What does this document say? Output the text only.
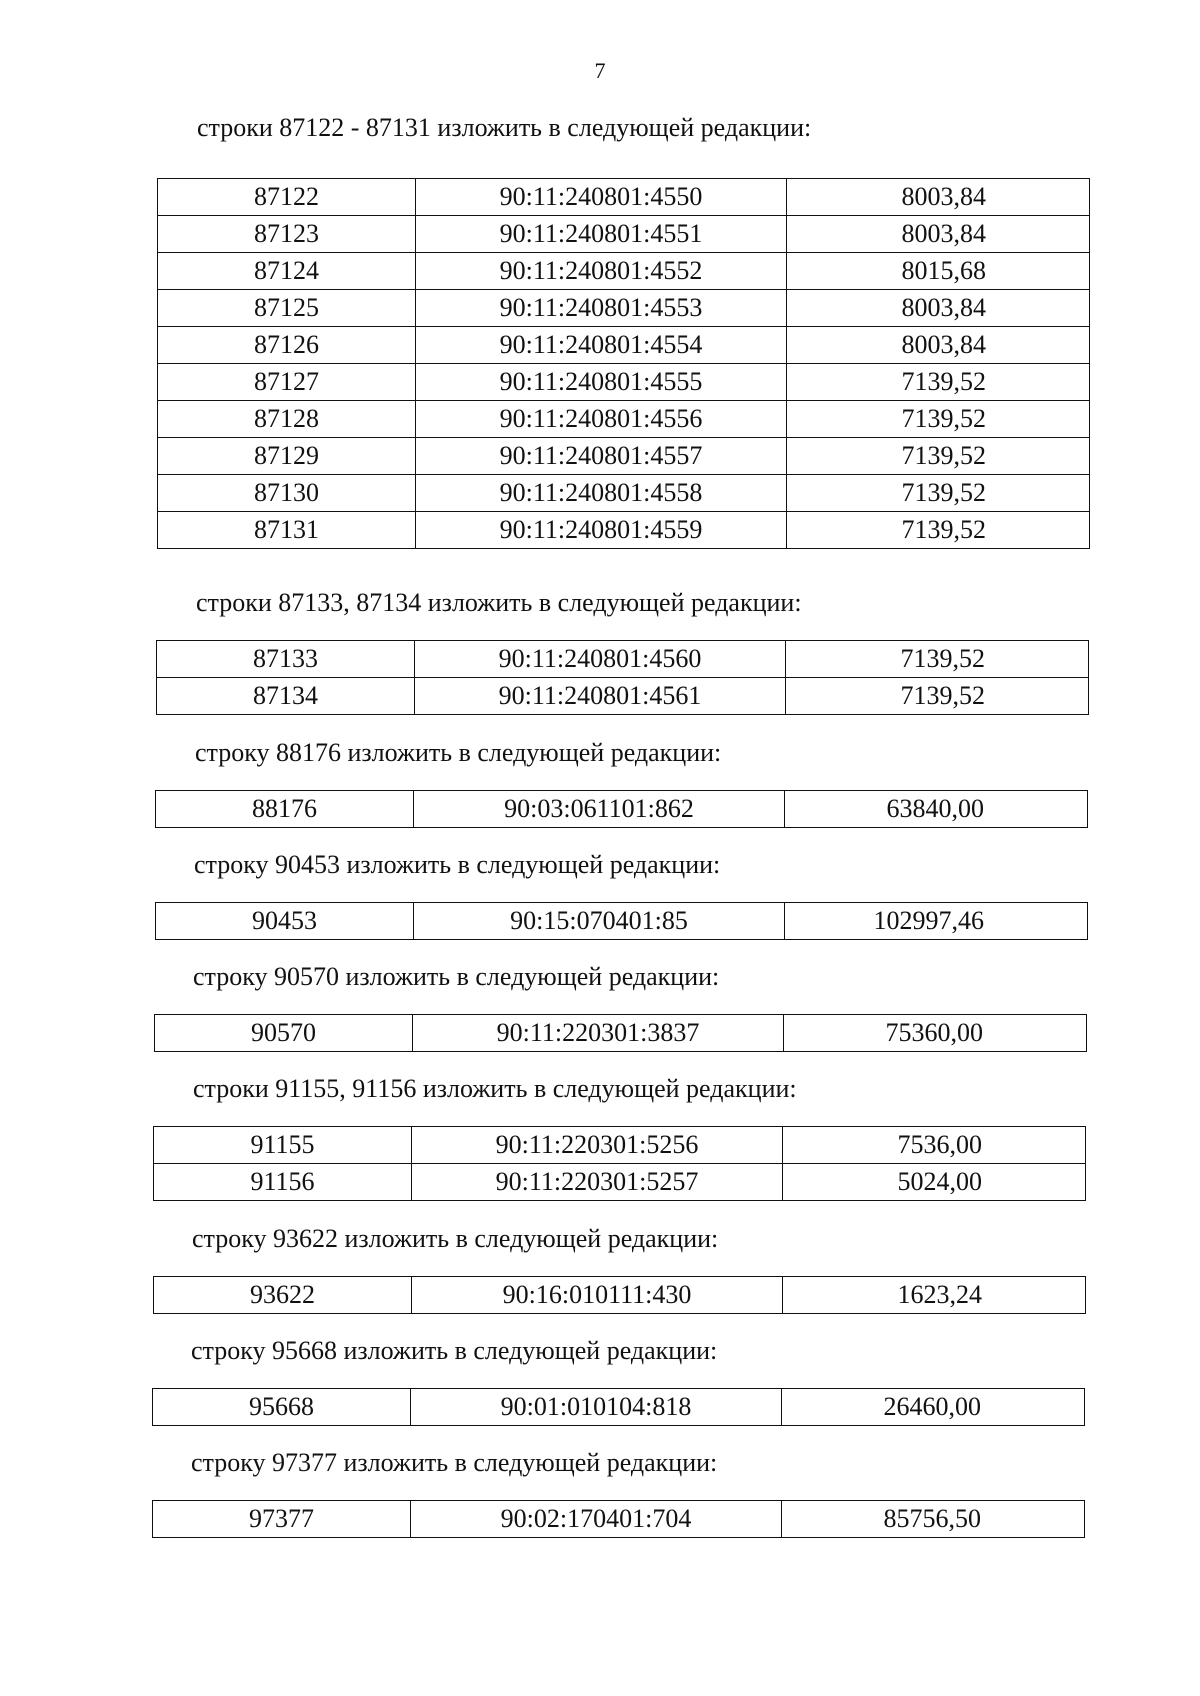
7
строки 87122 - 87131 изложить в следующей редакции:
87122	90:11:240801:4550	8003,84
87123	90:11:240801:4551	8003,84
87124	90:11:240801:4552	8015,68
87125	90:11:240801:4553	8003,84
87126	90:11:240801:4554	8003,84
87127	90:11:240801:4555	7139,52
87128	90:11:240801:4556	7139,52
87129	90:11:240801:4557	7139,52
87130	90:11:240801:4558	7139,52
87131	90:11:240801:4559	7139,52
строки 87133, 87134 изложить в следующей редакции:
87133	90:11:240801:4560	7139,52
87134	90:11:240801:4561	7139,52
строку 88176 изложить в следующей редакции:
88176	90:03:061101:862	63840,00
строку 90453 изложить в следующей редакции:
90453	90:15:070401:85	102997,46
строку 90570 изложить в следующей редакции:
90570	90:11:220301:3837	75360,00
строки 91155, 91156 изложить в следующей редакции:
91155	90:11:220301:5256	7536,00
91156	90:11:220301:5257	5024,00
строку 93622 изложить в следующей редакции:
93622	90:16:010111:430	1623,24
строку 95668 изложить в следующей редакции:
95668	90:01:010104:818	26460,00
строку 97377 изложить в следующей редакции:
97377	90:02:170401:704	85756,50
